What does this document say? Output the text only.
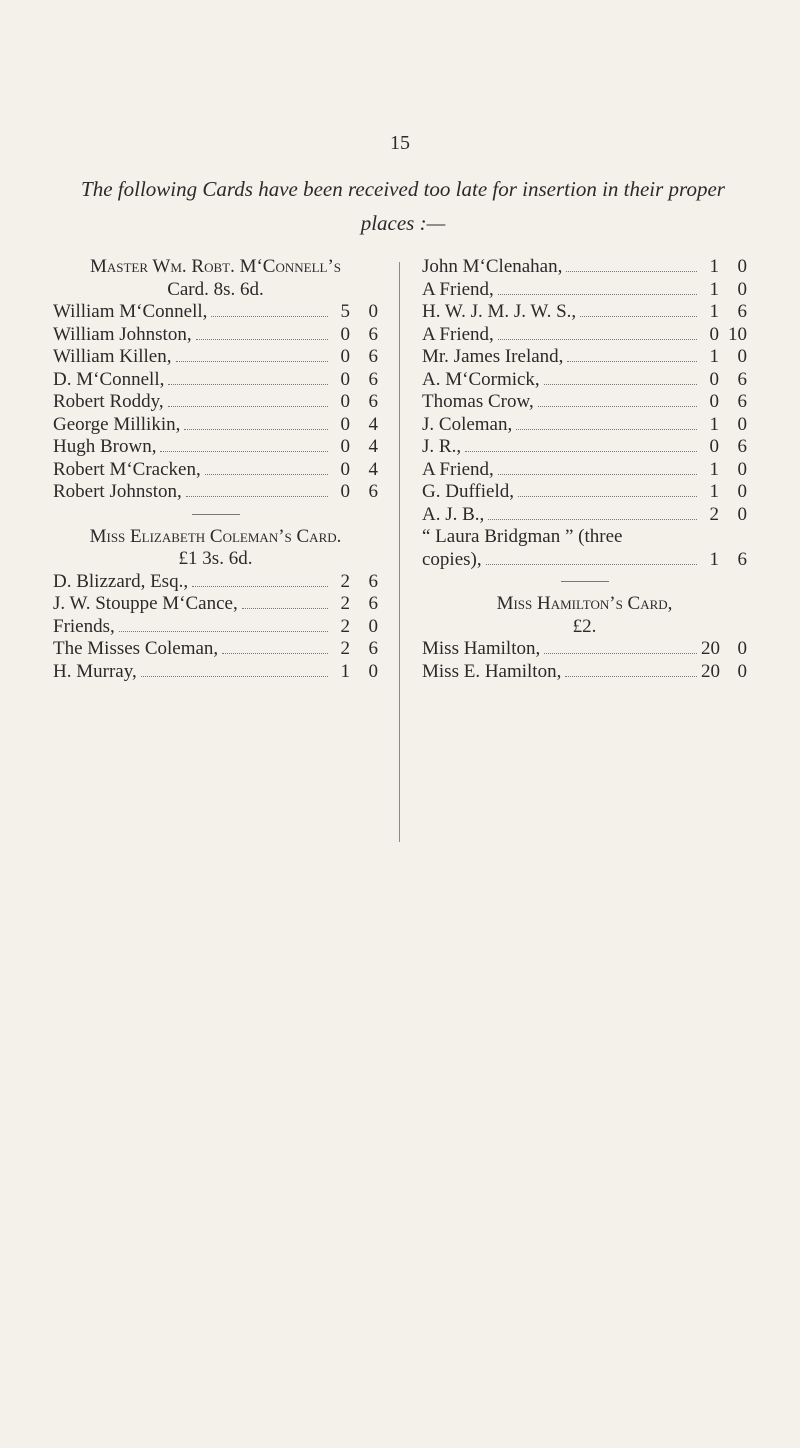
15
The following Cards have been received too late for insertion in their proper places :—
Master Wm. Robt. M‘Connell’s
Card. 8s. 6d.
William M‘Connell,	5 0
William Johnston,	0 6
William Killen,	0 6
D. M‘Connell,	0 6
Robert Roddy,	0 6
George Millikin,	0 4
Hugh Brown,	0 4
Robert M‘Cracken,	0 4
Robert Johnston,	0 6
Miss Elizabeth Coleman’s Card.
£1 3s. 6d.
D. Blizzard, Esq.,	2 6
J. W. Stouppe M‘Cance,	2 6
Friends,	2 0
The Misses Coleman,	2 6
H. Murray,	1 0
John M‘Clenahan,	1 0
A Friend,	1 0
H. W. J. M. J. W. S.,	1 6
A Friend,	0 10
Mr. James Ireland,	1 0
A. M‘Cormick,	0 6
Thomas Crow,	0 6
J. Coleman,	1 0
J. R.,	0 6
A Friend,	1 0
G. Duffield,	1 0
A. J. B.,	2 0
“ Laura Bridgman ” (three
copies),	1 6
Miss Hamilton’s Card,
£2.
Miss Hamilton,	20 0
Miss E. Hamilton,	20 0
